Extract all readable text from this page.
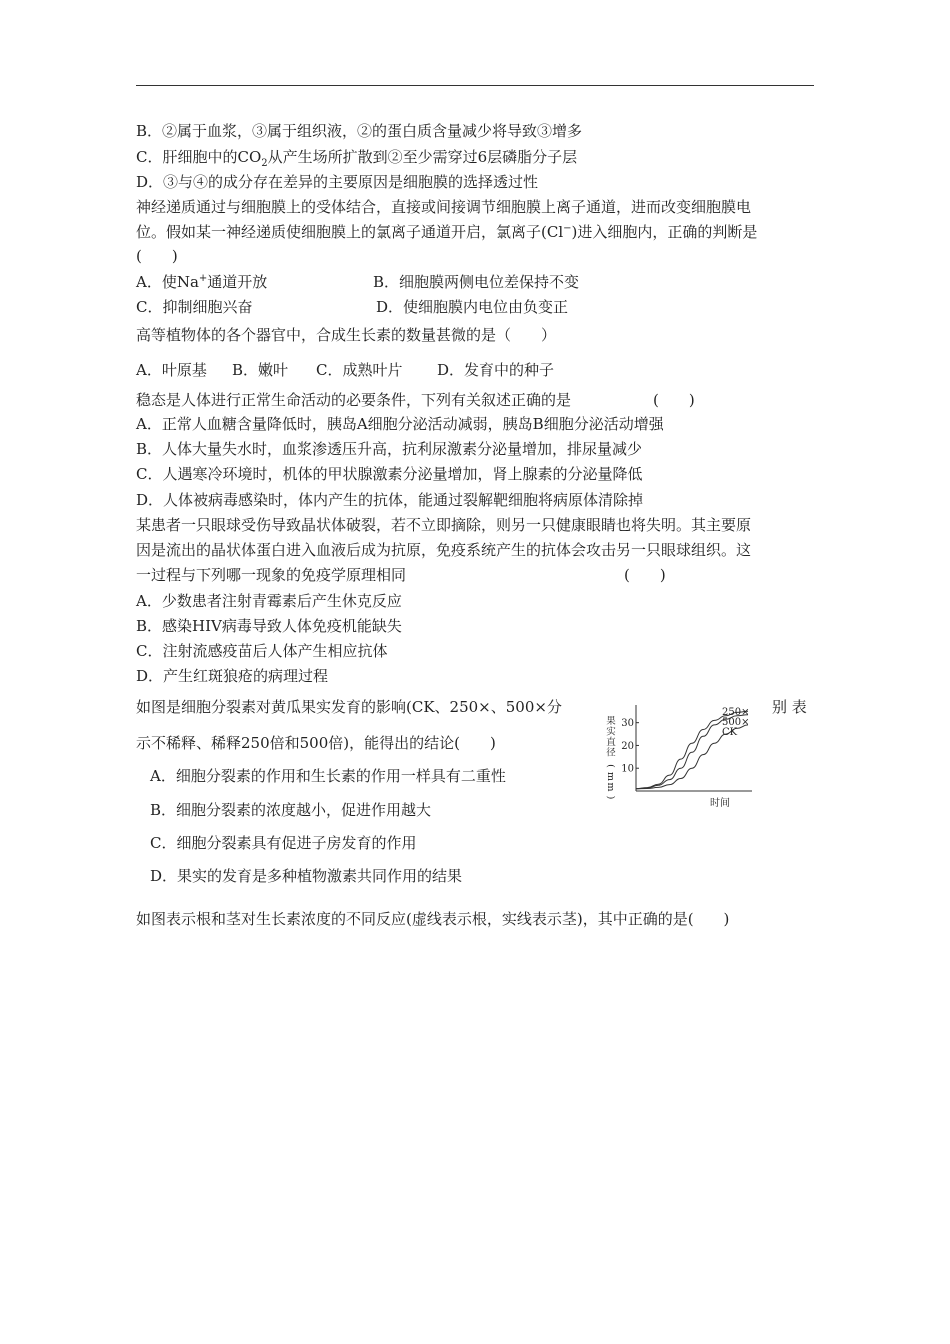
B．②属于血浆，③属于组织液，②的蛋白质含量减少将导致③增多
C．肝细胞中的$CO_2$从产生场所扩散到②至少需穿过6层磷脂分子层
D．③与④的成分存在差异的主要原因是细胞膜的选择透过性
神经递质通过与细胞膜上的受体结合，直接或间接调节细胞膜上离子通道，进而改变细胞膜电
位。假如某一神经递质使细胞膜上的氯离子通道开启，氯离子(Cl−)进入细胞内，正确的判断是
(　　)
A．使Na+通道开放	B．细胞膜两侧电位差保持不变
C．抑制细胞兴奋	D．使细胞膜内电位由负变正
高等植物体的各个器官中，合成生长素的数量甚微的是（　　）
A．叶原基 B．嫩叶 C．成熟叶片 D．发育中的种子
稳态是人体进行正常生命活动的必要条件，下列有关叙述正确的是	(　　)
A．正常人血糖含量降低时，胰岛A细胞分泌活动减弱，胰岛B细胞分泌活动增强
B．人体大量失水时，血浆渗透压升高，抗利尿激素分泌量增加，排尿量减少
C．人遇寒冷环境时，机体的甲状腺激素分泌量增加，肾上腺素的分泌量降低
D．人体被病毒感染时，体内产生的抗体，能通过裂解靶细胞将病原体清除掉
某患者一只眼球受伤导致晶状体破裂，若不立即摘除，则另一只健康眼睛也将失明。其主要原
因是流出的晶状体蛋白进入血液后成为抗原，免疫系统产生的抗体会攻击另一只眼球组织。这
一过程与下列哪一现象的免疫学原理相同	(　　)
A．少数患者注射青霉素后产生休克反应
B．感染HIV病毒导致人体免疫机能缺失
C．注射流感疫苗后人体产生相应抗体
D．产生红斑狼疮的病理过程
如图是细胞分裂素对黄瓜果实发育的影响(CK、250×、500×分	别 表
示不稀释、稀释250倍和500倍)，能得出的结论(　　)
A．细胞分裂素的作用和生长素的作用一样具有二重性
B．细胞分裂素的浓度越小，促进作用越大
C．细胞分裂素具有促进子房发育的作用
D．果实的发育是多种植物激素共同作用的结果
如图表示根和茎对生长素浓度的不同反应(虚线表示根，实线表示茎)，其中正确的是(　　)
果
实
直
径
(
m
m
)
10
20
30
250×
500×
CK
时间
